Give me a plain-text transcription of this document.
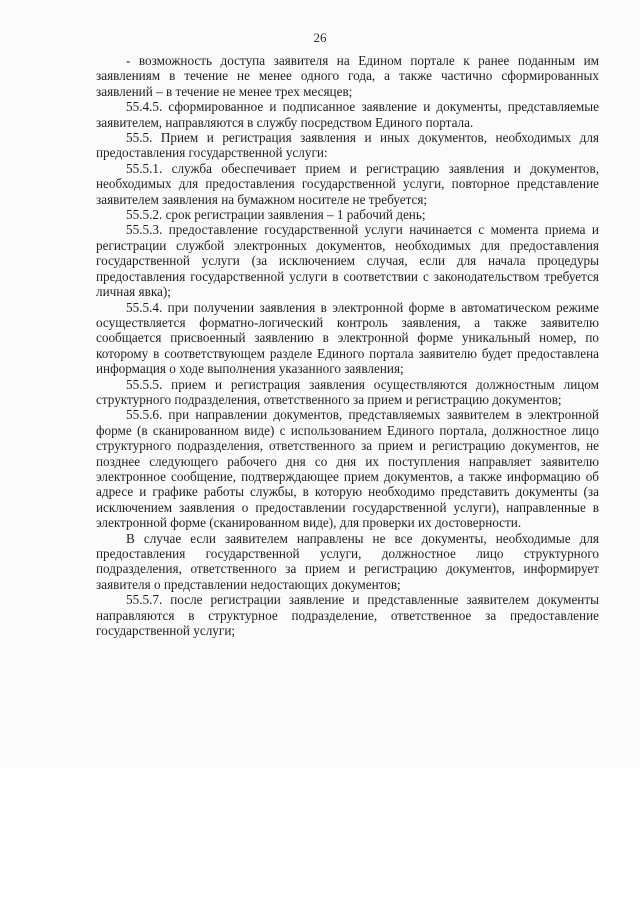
26

- возможность доступа заявителя на Едином портале к ранее поданным им заявлениям в течение не менее одного года, а также частично сформированных заявлений – в течение не менее трех месяцев;

55.4.5. сформированное и подписанное заявление и документы, представляемые заявителем, направляются в службу посредством Единого портала.

55.5. Прием и регистрация заявления и иных документов, необходимых для предоставления государственной услуги:

55.5.1. служба обеспечивает прием и регистрацию заявления и документов, необходимых для предоставления государственной услуги, повторное представление заявителем заявления на бумажном носителе не требуется;

55.5.2. срок регистрации заявления – 1 рабочий день;

55.5.3. предоставление государственной услуги начинается с момента приема и регистрации службой электронных документов, необходимых для предоставления государственной услуги (за исключением случая, если для начала процедуры предоставления государственной услуги в соответствии с законодательством требуется личная явка);

55.5.4. при получении заявления в электронной форме в автоматическом режиме осуществляется форматно-логический контроль заявления, а также заявителю сообщается присвоенный заявлению в электронной форме уникальный номер, по которому в соответствующем разделе Единого портала заявителю будет предоставлена информация о ходе выполнения указанного заявления;

55.5.5. прием и регистрация заявления осуществляются должностным лицом структурного подразделения, ответственного за прием и регистрацию документов;

55.5.6. при направлении документов, представляемых заявителем в электронной форме (в сканированном виде) с использованием Единого портала, должностное лицо структурного подразделения, ответственного за прием и регистрацию документов, не позднее следующего рабочего дня со дня их поступления направляет заявителю электронное сообщение, подтверждающее прием документов, а также информацию об адресе и графике работы службы, в которую необходимо представить документы (за исключением заявления о предоставлении государственной услуги), направленные в электронной форме (сканированном виде), для проверки их достоверности.

В случае если заявителем направлены не все документы, необходимые для предоставления государственной услуги, должностное лицо структурного подразделения, ответственного за прием и регистрацию документов, информирует заявителя о представлении недостающих документов;

55.5.7. после регистрации заявление и представленные заявителем документы направляются в структурное подразделение, ответственное за предоставление государственной услуги;
